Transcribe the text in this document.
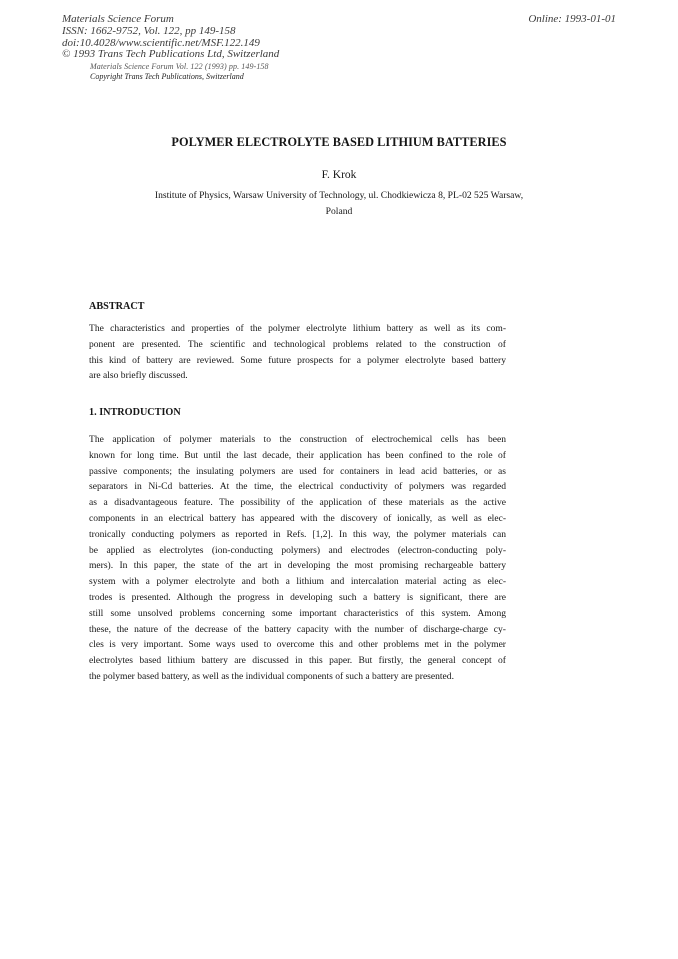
Materials Science Forum
ISSN: 1662-9752, Vol. 122, pp 149-158
doi:10.4028/www.scientific.net/MSF.122.149
© 1993 Trans Tech Publications Ltd, Switzerland
Online: 1993-01-01
Materials Science Forum Vol. 122 (1993) pp. 149-158
Copyright Trans Tech Publications, Switzerland
POLYMER ELECTROLYTE BASED LITHIUM BATTERIES
F. Krok
Institute of Physics, Warsaw University of Technology, ul. Chodkiewicza 8, PL-02 525 Warsaw,
Poland
ABSTRACT
The characteristics and properties of the polymer electrolyte lithium battery as well as its com-
ponent are presented. The scientific and technological problems related to the construction of
this kind of battery are reviewed. Some future prospects for a polymer electrolyte based battery
are also briefly discussed.
1. INTRODUCTION
The application of polymer materials to the construction of electrochemical cells has been
known for long time. But until the last decade, their application has been confined to the role of
passive components; the insulating polymers are used for containers in lead acid batteries, or as
separators in Ni-Cd batteries. At the time, the electrical conductivity of polymers was regarded
as a disadvantageous feature. The possibility of the application of these materials as the active
components in an electrical battery has appeared with the discovery of ionically, as well as elec-
tronically conducting polymers as reported in Refs. [1,2]. In this way, the polymer materials can
be applied as electrolytes (ion-conducting polymers) and electrodes (electron-conducting poly-
mers). In this paper, the state of the art in developing the most promising rechargeable battery
system with a polymer electrolyte and both a lithium and intercalation material acting as elec-
trodes is presented. Although the progress in developing such a battery is significant, there are
still some unsolved problems concerning some important characteristics of this system. Among
these, the nature of the decrease of the battery capacity with the number of discharge-charge cy-
cles is very important. Some ways used to overcome this and other problems met in the polymer
electrolytes based lithium battery are discussed in this paper. But firstly, the general concept of
the polymer based battery, as well as the individual components of such a battery are presented.
